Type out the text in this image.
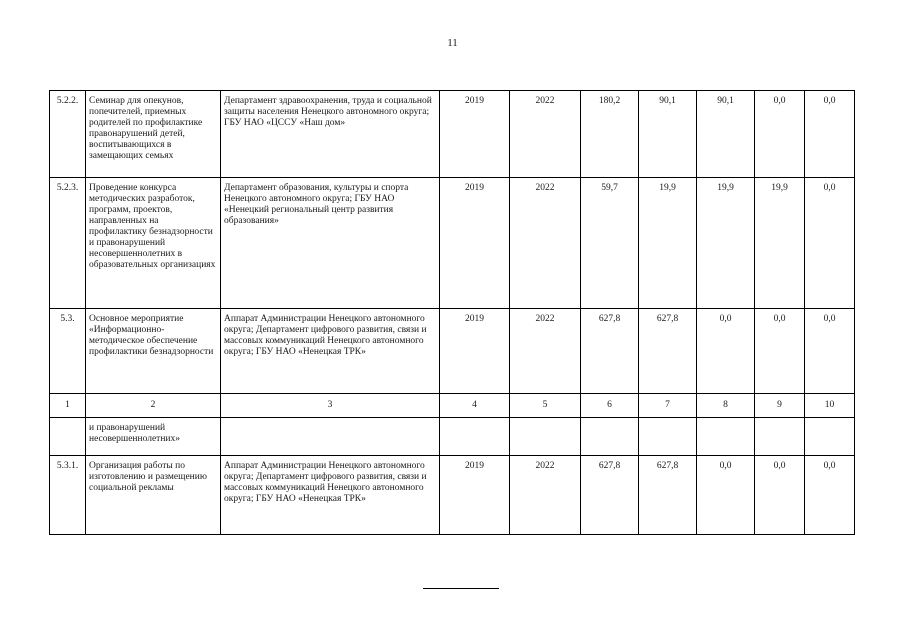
11
5.2.2.	Семинар для опекунов, попечителей, приемных родителей по профилактике правонарушений детей, воспитывающихся в замещающих семьях	Департамент здравоохранения, труда и социальной защиты населения Ненецкого автономного округа; ГБУ НАО «ЦССУ «Наш дом»	2019	2022	180,2	90,1	90,1	0,0	0,0
5.2.3.	Проведение конкурса методических разработок, программ, проектов, направленных на профилактику безнадзорности и правонарушений несовершеннолетних в образовательных организациях	Департамент образования, культуры и спорта Ненецкого автономного округа; ГБУ НАО «Ненецкий региональный центр развития образования»	2019	2022	59,7	19,9	19,9	19,9	0,0
5.3.	Основное мероприятие «Информационно-методическое обеспечение профилактики безнадзорности	Аппарат Администрации Ненецкого автономного округа; Департамент цифрового развития, связи и массовых коммуникаций Ненецкого автономного округа; ГБУ НАО «Ненецкая ТРК»	2019	2022	627,8	627,8	0,0	0,0	0,0
1	2	3	4	5	6	7	8	9	10
	и правонарушений несовершеннолетних»								
5.3.1.	Организация работы по изготовлению и размещению социальной рекламы	Аппарат Администрации Ненецкого автономного округа; Департамент цифрового развития, связи и массовых коммуникаций Ненецкого автономного округа; ГБУ НАО «Ненецкая ТРК»	2019	2022	627,8	627,8	0,0	0,0	0,0
